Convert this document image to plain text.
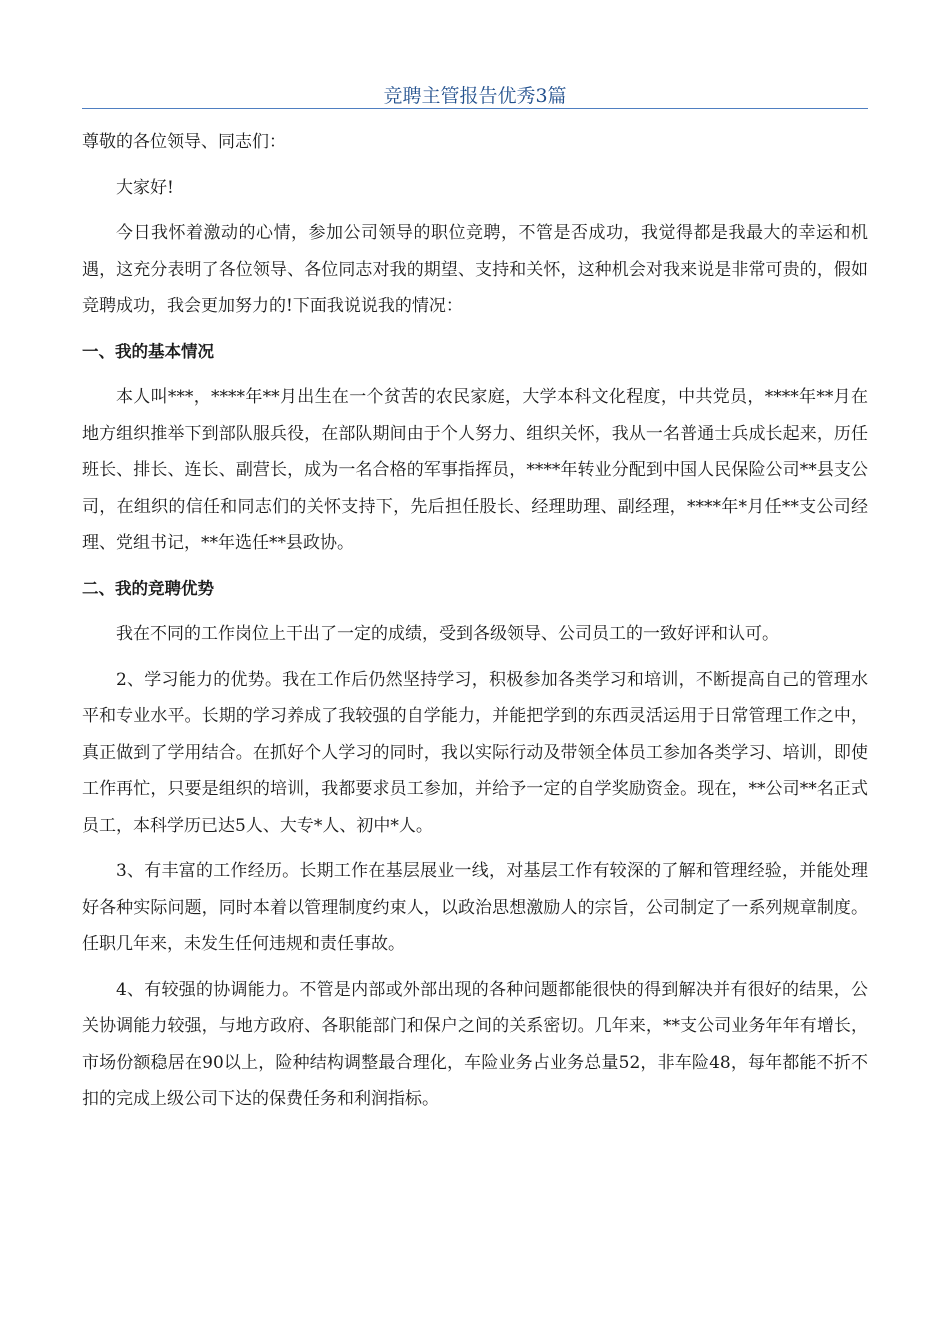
竞聘主管报告优秀3篇

尊敬的各位领导、同志们：

大家好!

今日我怀着激动的心情，参加公司领导的职位竞聘，不管是否成功，我觉得都是我最大的幸运和机遇，这充分表明了各位领导、各位同志对我的期望、支持和关怀，这种机会对我来说是非常可贵的，假如竞聘成功，我会更加努力的!下面我说说我的情况：

一、我的基本情况

本人叫***，****年**月出生在一个贫苦的农民家庭，大学本科文化程度，中共党员，****年**月在地方组织推举下到部队服兵役，在部队期间由于个人努力、组织关怀，我从一名普通士兵成长起来，历任班长、排长、连长、副营长，成为一名合格的军事指挥员，****年转业分配到中国人民保险公司**县支公司，在组织的信任和同志们的关怀支持下，先后担任股长、经理助理、副经理，****年*月任**支公司经理、党组书记，**年选任**县政协。

二、我的竞聘优势

我在不同的工作岗位上干出了一定的成绩，受到各级领导、公司员工的一致好评和认可。

2、学习能力的优势。我在工作后仍然坚持学习，积极参加各类学习和培训，不断提高自己的管理水平和专业水平。长期的学习养成了我较强的自学能力，并能把学到的东西灵活运用于日常管理工作之中，真正做到了学用结合。在抓好个人学习的同时，我以实际行动及带领全体员工参加各类学习、培训，即使工作再忙，只要是组织的培训，我都要求员工参加，并给予一定的自学奖励资金。现在，**公司**名正式员工，本科学历已达5人、大专*人、初中*人。

3、有丰富的工作经历。长期工作在基层展业一线，对基层工作有较深的了解和管理经验，并能处理好各种实际问题，同时本着以管理制度约束人，以政治思想激励人的宗旨，公司制定了一系列规章制度。任职几年来，未发生任何违规和责任事故。

4、有较强的协调能力。不管是内部或外部出现的各种问题都能很快的得到解决并有很好的结果，公关协调能力较强，与地方政府、各职能部门和保户之间的关系密切。几年来，**支公司业务年年有增长，市场份额稳居在90以上，险种结构调整最合理化，车险业务占业务总量52，非车险48，每年都能不折不扣的完成上级公司下达的保费任务和利润指标。
